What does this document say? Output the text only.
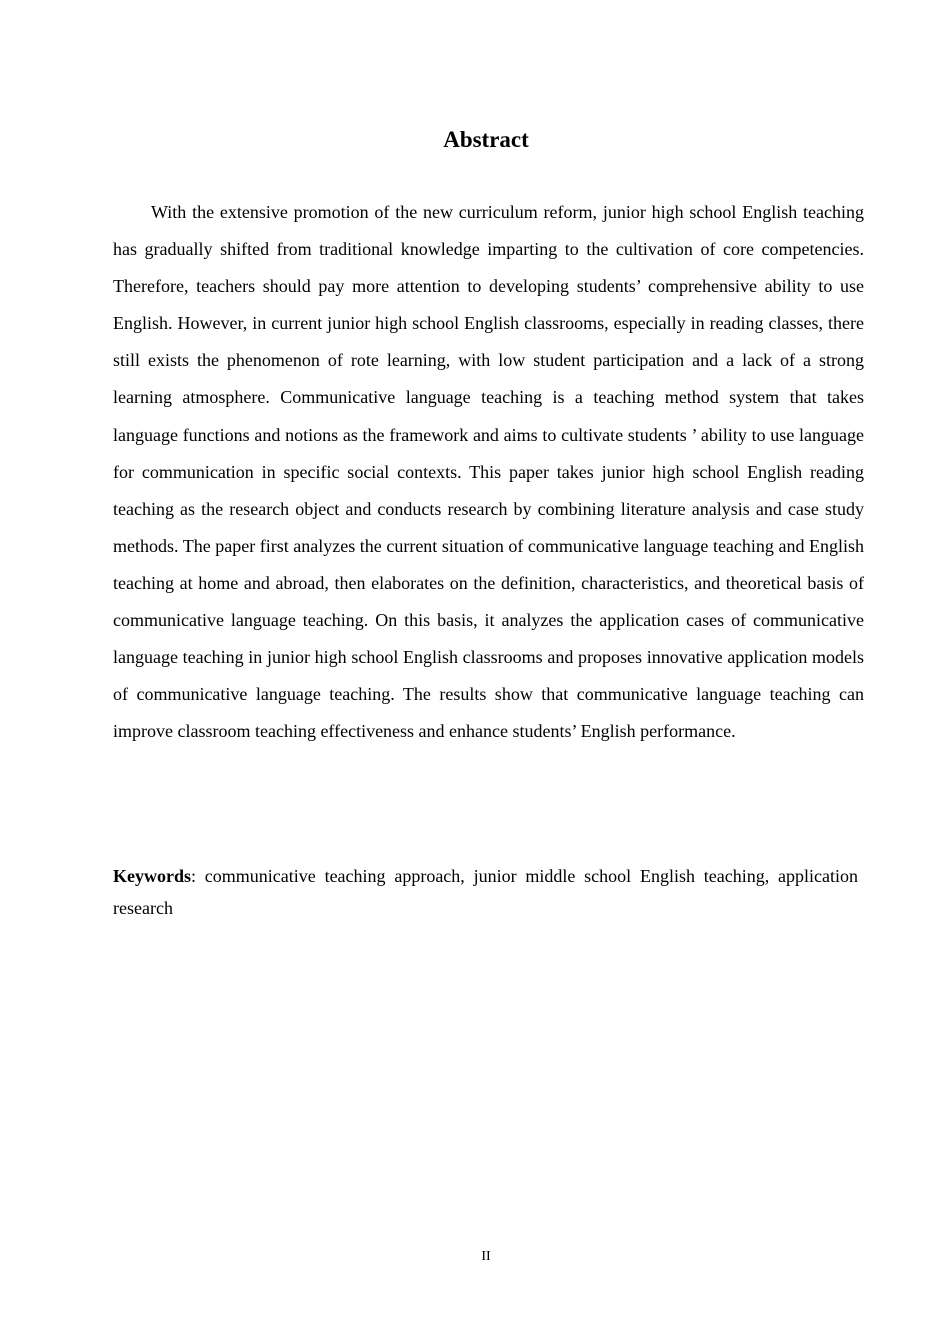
Abstract

With the extensive promotion of the new curriculum reform, junior high school English teaching has gradually shifted from traditional knowledge imparting to the cultivation of core competencies. Therefore, teachers should pay more attention to developing students’ comprehensive ability to use English. However, in current junior high school English classrooms, especially in reading classes, there still exists the phenomenon of rote learning, with low student participation and a lack of a strong learning atmosphere. Communicative language teaching is a teaching method system that takes language functions and notions as the framework and aims to cultivate students ’ ability to use language for communication in specific social contexts. This paper takes junior high school English reading teaching as the research object and conducts research by combining literature analysis and case study methods. The paper first analyzes the current situation of communicative language teaching and English teaching at home and abroad, then elaborates on the definition, characteristics, and theoretical basis of communicative language teaching. On this basis, it analyzes the application cases of communicative language teaching in junior high school English classrooms and proposes innovative application models of communicative language teaching. The results show that communicative language teaching can improve classroom teaching effectiveness and enhance students’ English performance.

Keywords: communicative teaching approach, junior middle school English teaching, application research

II
